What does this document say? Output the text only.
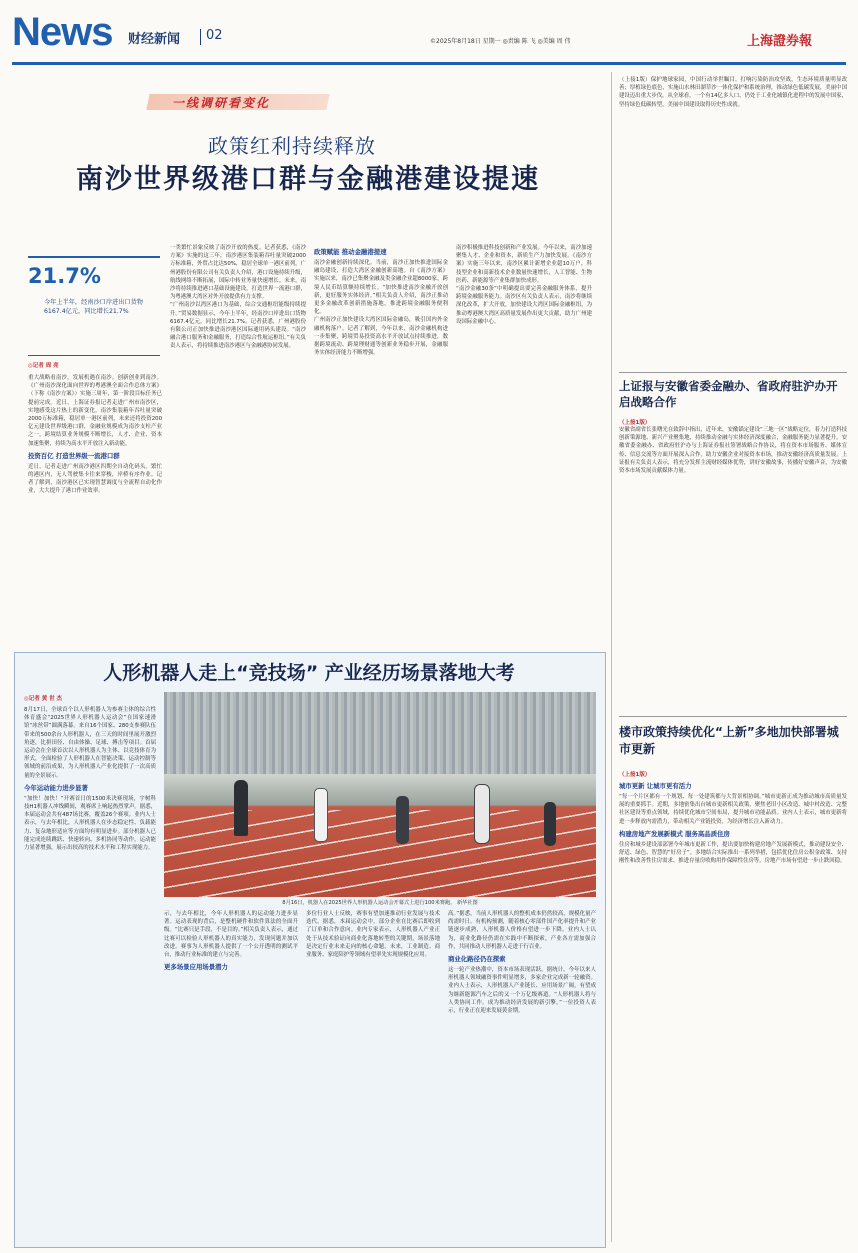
News 财经新闻 02	©2025年8月18日 星期一 ◎责编 陈 飞 ◎美编 周 伟	上海證券報
一线调研看变化
政策红利持续释放
南沙世界级港口群与金融港建设提速
21.7%
今年上半年，经南沙口岸进出口货物6167.4亿元，同比增长21.7%
◎记者 周 亮

重大战略看南沙，发展机遇在南沙。创新创业到南沙。《广州南沙深化面向世界的粤港澳全面合作总体方案》（下称《南沙方案》）实施三周年，第一阶段目标任务已提前完成。近日，上海证券报记者走进广州市南沙区，实地感受这片热土的新变化。南沙集装箱年吞吐量突破2000万标准箱，稳居单一港区前列，未来还将投资200亿元建设世界级港口群，金融业规模成为南沙支柱产业之一，跨境结算业务规模不断增长，人才、企业、资本加速集聚，持续为高水平开放注入新动能。

投资百亿 打造世界级一流港口群

近日，记者走进广州南沙港区四期全自动化码头。繁忙的港区内，无人驾驶集卡往来穿梭，岸桥有序作业。记者了解到，南沙港区已实现智慧调度与全流程自动化作业，大大提升了港口作业效率。

一类繁忙景象反映了南沙开放的热度。记者获悉，《南沙方案》实施的这三年，南沙港区集装箱吞吐量突破2000万标准箱，外贸占比达50%，稳居全球单一港区前列。广州港股份有限公司有关负责人介绍，港口设施持续升级，航线网络不断拓展，国际中转业务量快速增长。未来，南沙将持续推进港口基础设施建设，打造世界一流港口群，为粤港澳大湾区对外开放提供有力支撑。

“广州南沙以湾区港口为基础，综合交通枢纽能级持续提升。”贸易数据显示，今年上半年，经南沙口岸进出口货物6167.4亿元，同比增长21.7%。记者获悉，广州港股份有限公司正加快推进南沙港区国际通用码头建设。“南沙融合港口服务和金融服务，打造综合性航运枢纽。”有关负责人表示，将持续推进南沙港区与金融港协同发展。

政策赋能 推动金融港提速

南沙金融创新持续深化。当前，南沙正加快推进国际金融岛建设，打造大湾区金融创新高地。自《南沙方案》实施以来，南沙已集聚金融及类金融企业超8000家，跨境人民币结算额持续增长。“加快推进南沙金融开放创新，更好服务实体经济。”相关负责人介绍，南沙正推动更多金融改革创新措施落地，推进跨境金融服务便利化。

广州南沙正加快建设大湾区国际金融岛，吸引国内外金融机构落户。记者了解到，今年以来，南沙金融机构进一步集聚，跨境贸易投资高水平开放试点持续推进，数据跨境流动、跨境理财通等创新业务稳步开展，金融服务实体经济能力不断增强。

南沙积极推进科技创新和产业发展。今年以来，南沙加速聚集人才、企业和资本，新质生产力加快发展。《南沙方案》实施三年以来，南沙区累计新增企业超10万户，科技型企业和高新技术企业数量快速增长，人工智能、生物医药、新能源等产业集群加快成形。

“南沙金融30条”中明确提出要完善金融服务体系，提升跨境金融服务能力。南沙区有关负责人表示，南沙将继续深化改革，扩大开放，加快建设大湾区国际金融枢纽，为推动粤港澳大湾区高质量发展作出更大贡献，助力广州建设国际金融中心。

（上接1版）保护地球家园，中国行动举世瞩目。打响污染防治攻坚战，生态环境质量明显改善；厚植绿色底色，实施山水林田湖草沙一体化保护和系统治理，推动绿色低碳发展，美丽中国建设迈出重大步伐。从全球看，一个有14亿多人口、仍处于工业化城镇化进程中的发展中国家，坚持绿色低碳转型，美丽中国建设取得历史性成就。

上证报与安徽省委金融办、省政府驻沪办开启战略合作
（上接1版）

安徽省副省长张曙光在致辞中指出，近年来，安徽锚定建设“三地一区”战略定位，着力打造科技创新策源地、新兴产业聚集地，持续推动金融与实体经济深度融合，金融服务能力显著提升。安徽省委金融办、省政府驻沪办与上海证券报社签署战略合作协议，将在资本市场服务、媒体宣传、信息交流等方面开展深入合作，助力安徽企业对接资本市场，推动安徽经济高质量发展。上证报有关负责人表示，将充分发挥主流财经媒体优势，讲好安徽故事，传播好安徽声音，为安徽资本市场发展贡献媒体力量。

楼市政策持续优化“上新”多地加快部署城市更新
（上接1版）
城市更新 让城市更有活力

“每一个片区都有一个规划、每一处建筑都与大背景相协调。”城市更新正成为推动城市高质量发展的重要抓手。近期，多地密集出台城市更新相关政策，聚焦老旧小区改造、城中村改造、完整社区建设等重点领域，持续优化城市空间布局，提升城市功能品质。业内人士表示，城市更新将进一步释放内需潜力，带动相关产业链投资，为经济增长注入新动力。

构建房地产发展新模式 服务高品质住房

住房和城乡建设部部署今年城市更新工作，提出要加快构建房地产发展新模式，推动建设安全、舒适、绿色、智慧的“好房子”。多地结合实际推出一系列举措，包括优化住房公积金政策、支持刚性和改善性住房需求、推进存量房收购用作保障性住房等，房地产市场有望进一步止跌回稳。

人形机器人走上“竞技场” 产业经历场景落地大考
◎记者 黄 世 杰

8月17日，全球首个以人形机器人为参赛主体的综合性体育盛会“2025世界人形机器人运动会”在国家速滑馆“冰丝带”圆满落幕。来自16个国家、280支参赛队伍带来的500余台人形机器人，在三天的时间里展开激烈角逐，比拼田径、自由体操、足球、搏击等项目。首届运动会在全球首次以人形机器人为主体、以竞技体育为形式，全面检验了人形机器人在智能决策、运动控制等领域的前沿成果，为人形机器人产业化提供了一次高质量的全景展示。

今年运动能力进步显著

“加快！加快！”开赛首日的1500米决赛现场，宇树科技H1机器人冲线瞬间，观赛席上响起热烈掌声。据悉，本届运动会共有487场比赛，覆盖26个赛项。业内人士表示，与去年相比，人形机器人在步态稳定性、负载能力、复杂地形适应等方面均有明显进步。部分机器人已能完成连续跳跃、快速转向、多机协同等动作，运动能力显著增强，展示出较高的技术水平和工程实现能力。

8月16日，机器人在2025世界人形机器人运动会开幕式上进行100米赛跑。 新华社图

示，与去年相比，今年人形机器人的运动能力进步显著。运动表现的背后，是整机硬件和软件算法的全面升级。“比赛只是手段，不是目的。”相关负责人表示，通过比赛可以检验人形机器人的真实能力，发现问题并加以改进。赛事为人形机器人提供了一个公开透明的测试平台，推动行业标准的建立与完善。

更多场景应用场景潜力

多位行业人士反映，赛事有望加速推动行业发展与技术迭代。据悉，本届运动会中，部分企业在比赛后即收到了订单和合作意向。业内专家表示，人形机器人产业正处于从技术验证向商业化落地转型的关键期，场景落地是决定行业未来走向的核心命题。未来，工业制造、商业服务、家庭陪护等领域有望率先实现规模化应用。

高。”据悉，当前人形机器人的整机成本仍然较高，规模化量产尚需时日。有机构预测，随着核心零部件国产化率提升和产业链逐步成熟，人形机器人价格有望进一步下降。业内人士认为，商业化路径仍需在实践中不断探索，产业各方需加强合作，共同推动人形机器人走进千行百业。

商业化路径仍在探索

这一轮产业热潮中，资本市场表现活跃。据统计，今年以来人形机器人领域融资事件明显增多，多家企业完成新一轮融资。业内人士表示，人形机器人产业链长、应用场景广阔，有望成为继新能源汽车之后的又一个万亿级赛道。“人形机器人将与人类协同工作，成为推动经济发展的新引擎。”一位投资人表示，行业正在迎来发展黄金期。
